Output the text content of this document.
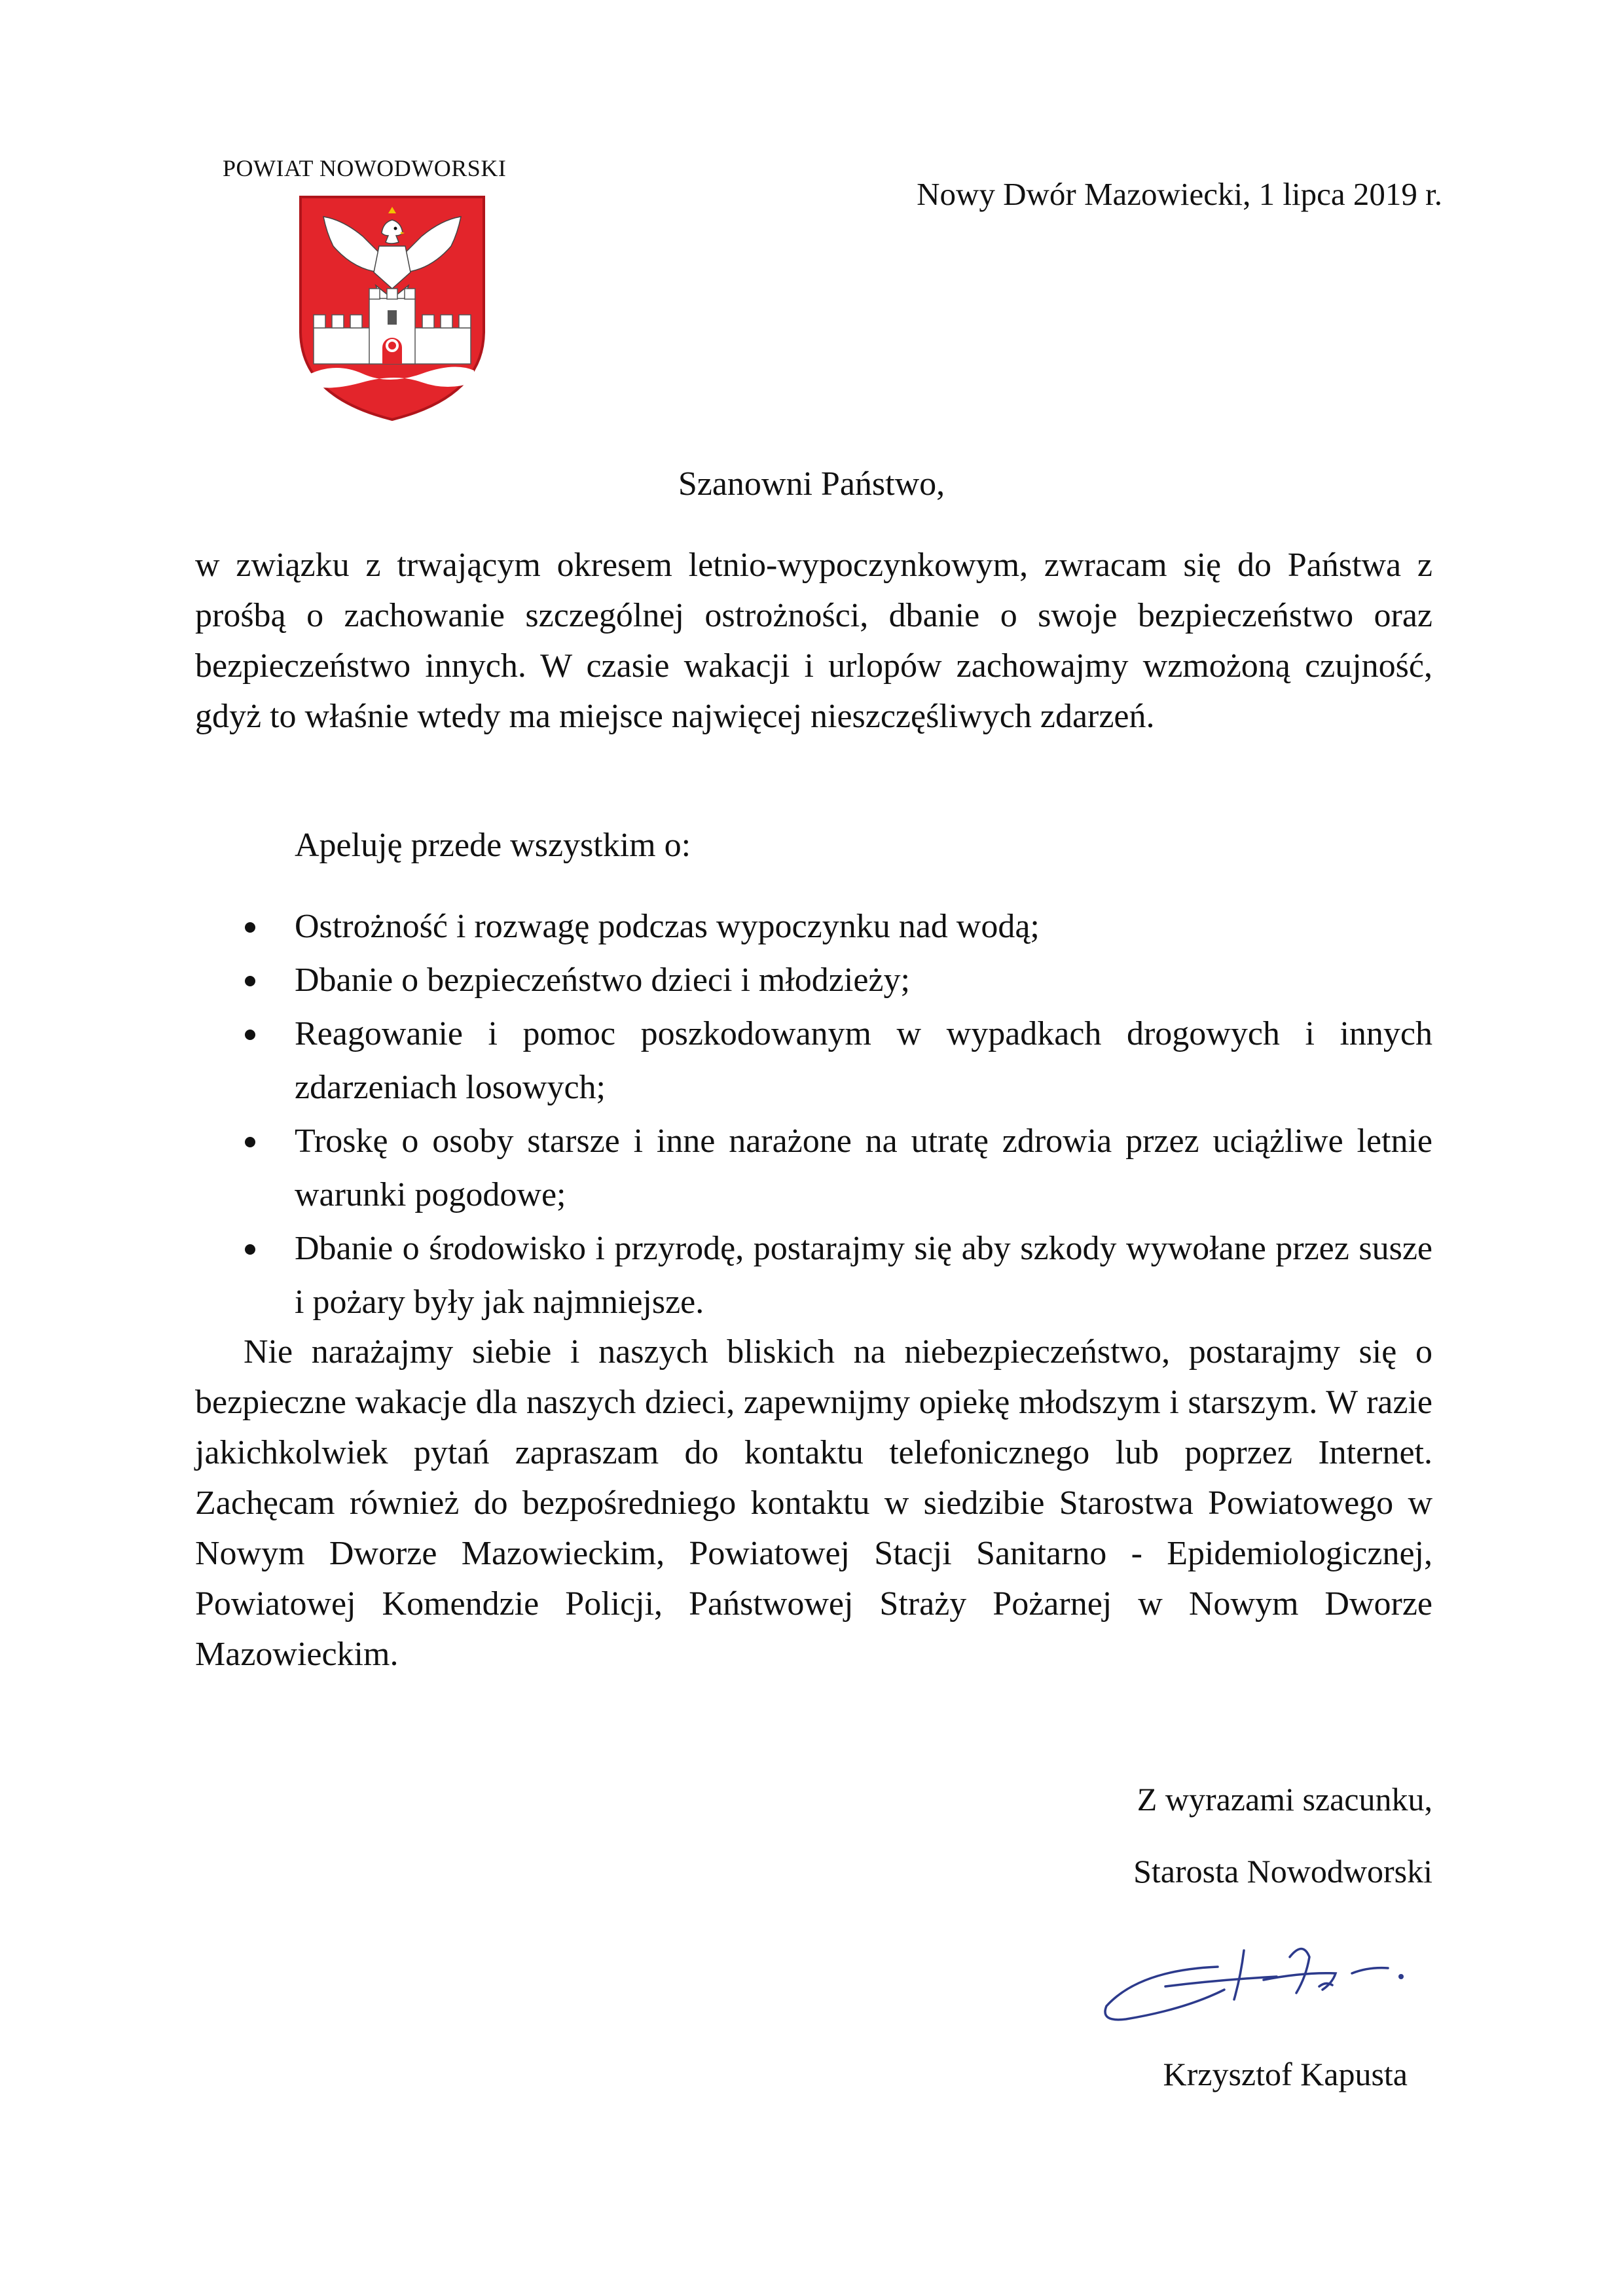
POWIAT NOWODWORSKI
Nowy Dwór Mazowiecki, 1 lipca 2019 r.
Szanowni Państwo,
w związku z trwającym okresem letnio-wypoczynkowym, zwracam się do Państwa z prośbą o zachowanie szczególnej ostrożności, dbanie o swoje bezpieczeństwo oraz bezpieczeństwo innych. W czasie wakacji i urlopów zachowajmy wzmożoną czujność, gdyż to właśnie wtedy ma miejsce najwięcej nieszczęśliwych zdarzeń.
Apeluję przede wszystkim o:
Ostrożność i rozwagę podczas wypoczynku nad wodą;
Dbanie o bezpieczeństwo dzieci i młodzieży;
Reagowanie i pomoc poszkodowanym w wypadkach drogowych i innych zdarzeniach losowych;
Troskę o osoby starsze i inne narażone na utratę zdrowia przez uciążliwe letnie warunki pogodowe;
Dbanie o środowisko i przyrodę, postarajmy się aby szkody wywołane przez susze i pożary były jak najmniejsze.
Nie narażajmy siebie i naszych bliskich na niebezpieczeństwo, postarajmy się o bezpieczne wakacje dla naszych dzieci, zapewnijmy opiekę młodszym i starszym. W razie jakichkolwiek pytań zapraszam do kontaktu telefonicznego lub poprzez Internet. Zachęcam również do bezpośredniego kontaktu w siedzibie Starostwa Powiatowego w Nowym Dworze Mazowieckim, Powiatowej Stacji Sanitarno - Epidemiologicznej, Powiatowej Komendzie Policji, Państwowej Straży Pożarnej w Nowym Dworze Mazowieckim.
Z wyrazami szacunku,
Starosta Nowodworski
Krzysztof Kapusta
